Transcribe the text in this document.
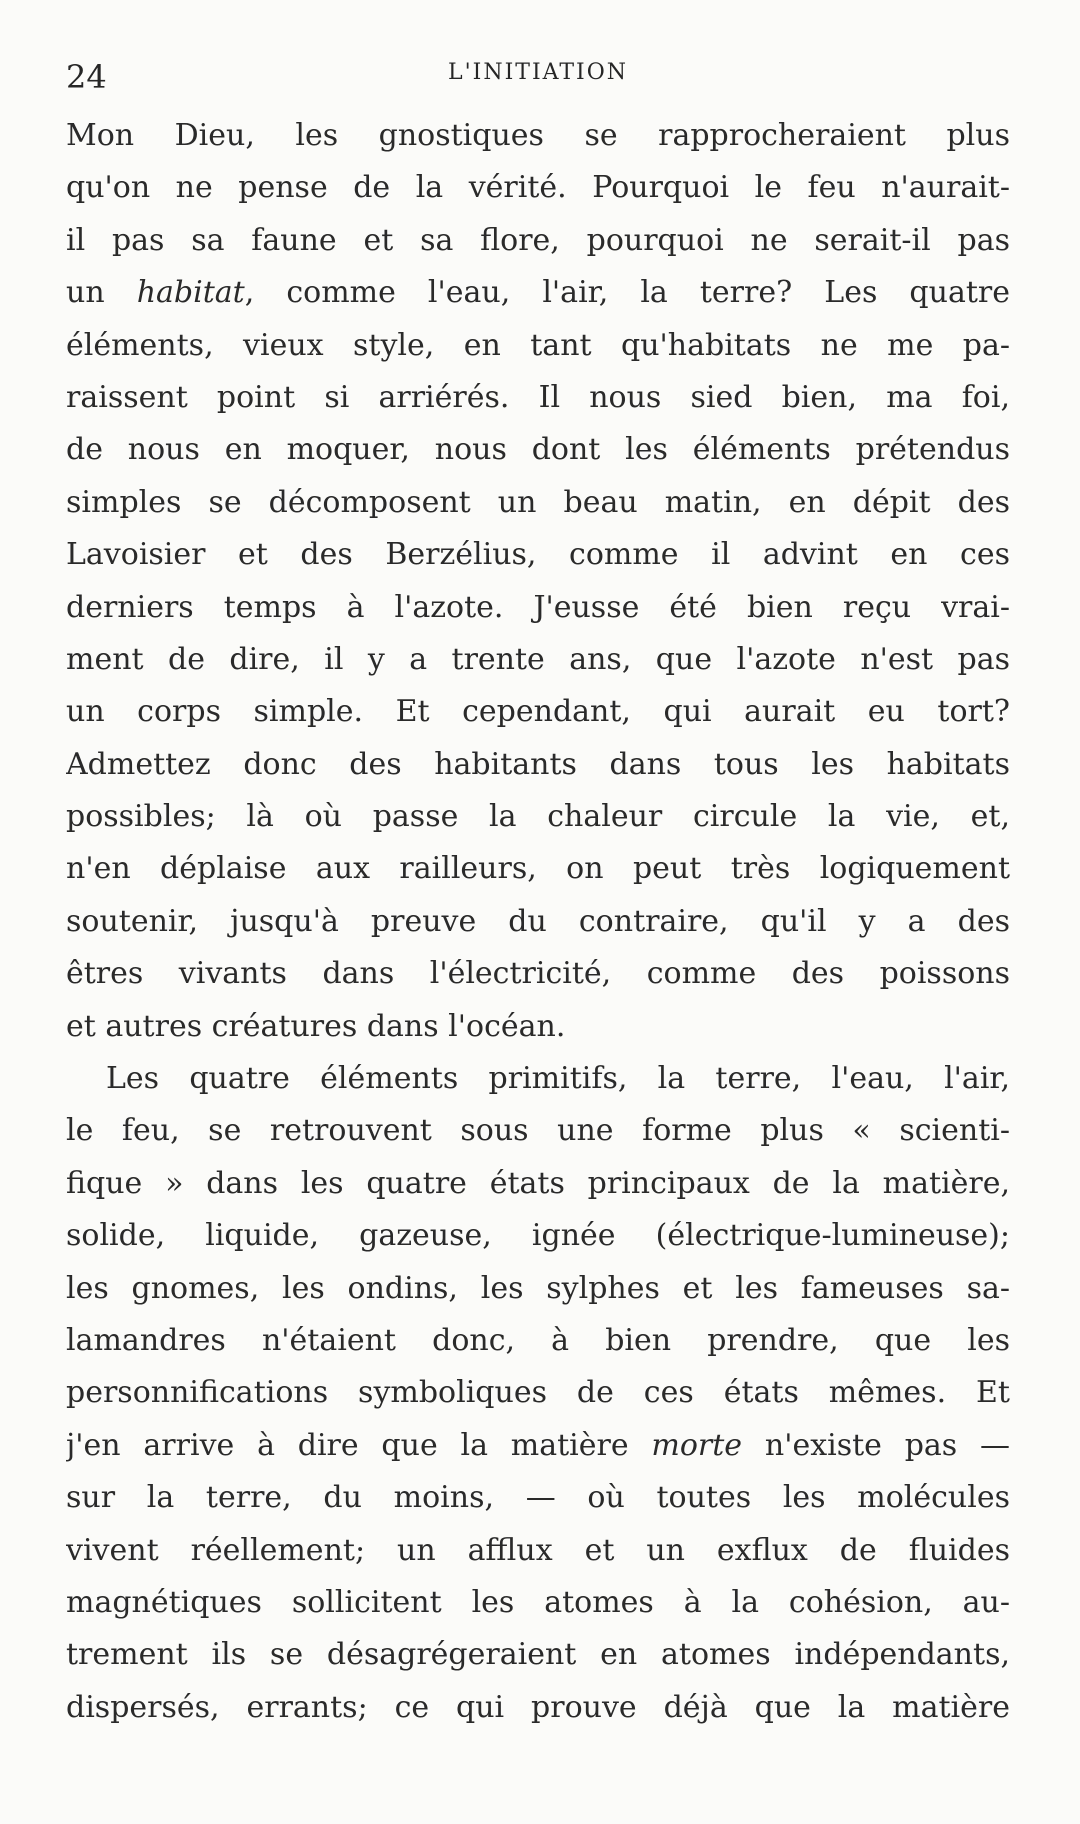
24	L'INITIATION
Mon Dieu, les gnostiques se rapprocheraient plus
qu'on ne pense de la vérité. Pourquoi le feu n'aurait-
il pas sa faune et sa flore, pourquoi ne serait-il pas
un habitat, comme l'eau, l'air, la terre? Les quatre
éléments, vieux style, en tant qu'habitats ne me pa-
raissent point si arriérés. Il nous sied bien, ma foi,
de nous en moquer, nous dont les éléments prétendus
simples se décomposent un beau matin, en dépit des
Lavoisier et des Berzélius, comme il advint en ces
derniers temps à l'azote. J'eusse été bien reçu vrai-
ment de dire, il y a trente ans, que l'azote n'est pas
un corps simple. Et cependant, qui aurait eu tort?
Admettez donc des habitants dans tous les habitats
possibles; là où passe la chaleur circule la vie, et,
n'en déplaise aux railleurs, on peut très logiquement
soutenir, jusqu'à preuve du contraire, qu'il y a des
êtres vivants dans l'électricité, comme des poissons
et autres créatures dans l'océan.
Les quatre éléments primitifs, la terre, l'eau, l'air,
le feu, se retrouvent sous une forme plus « scienti-
fique » dans les quatre états principaux de la matière,
solide, liquide, gazeuse, ignée (électrique-lumineuse);
les gnomes, les ondins, les sylphes et les fameuses sa-
lamandres n'étaient donc, à bien prendre, que les
personnifications symboliques de ces états mêmes. Et
j'en arrive à dire que la matière morte n'existe pas —
sur la terre, du moins, — où toutes les molécules
vivent réellement; un afflux et un exflux de fluides
magnétiques sollicitent les atomes à la cohésion, au-
trement ils se désagrégeraient en atomes indépendants,
dispersés, errants; ce qui prouve déjà que la matière
